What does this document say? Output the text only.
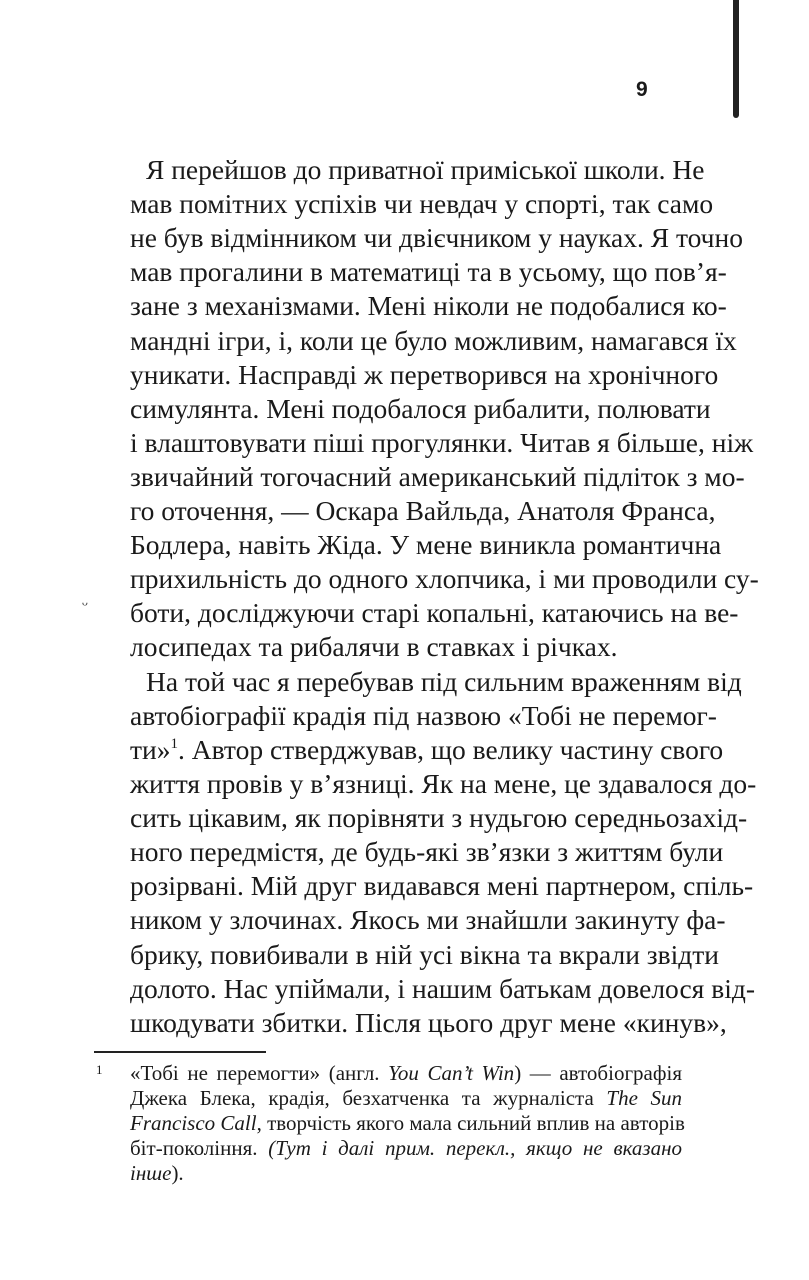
9
ᵕ
Я перейшов до приватної приміської школи. Не
мав помітних успіхів чи невдач у спорті, так само
не був відмінником чи двієчником у науках. Я точно
мав прогалини в математиці та в усьому, що пов’я-
зане з механізмами. Мені ніколи не подобалися ко-
мандні ігри, і, коли це було можливим, намагався їх
уникати. Насправді ж перетворився на хронічного
симулянта. Мені подобалося рибалити, полювати
і влаштовувати піші прогулянки. Читав я більше, ніж
звичайний тогочасний американський підліток з мо-
го оточення, — Оскара Вайльда, Анатоля Франса,
Бодлера, навіть Жіда. У мене виникла романтична
прихильність до одного хлопчика, і ми проводили су-
боти, досліджуючи старі копальні, катаючись на ве-
лосипедах та рибалячи в ставках і річках.
На той час я перебував під сильним враженням від
автобіографії крадія під назвою «Тобі не перемог-
ти»$^1$. Автор стверджував, що велику частину свого
життя провів у в’язниці. Як на мене, це здавалося до-
сить цікавим, як порівняти з нудьгою середньозахід-
ного передмістя, де будь-які зв’язки з життям були
розірвані. Мій друг видавався мені партнером, спіль-
ником у злочинах. Якось ми знайшли закинуту фа-
брику, повибивали в ній усі вікна та вкрали звідти
долото. Нас упіймали, і нашим батькам довелося від-
шкодувати збитки. Після цього друг мене «кинув»,
1 «Тобі не перемогти» (англ. You Can’t Win) — автобіографія
Джека Блека, крадія, безхатченка та журналіста The Sun
Francisco Call, творчість якого мала сильний вплив на авторів
біт-покоління. (Тут і далі прим. перекл., якщо не вказано
інше).
